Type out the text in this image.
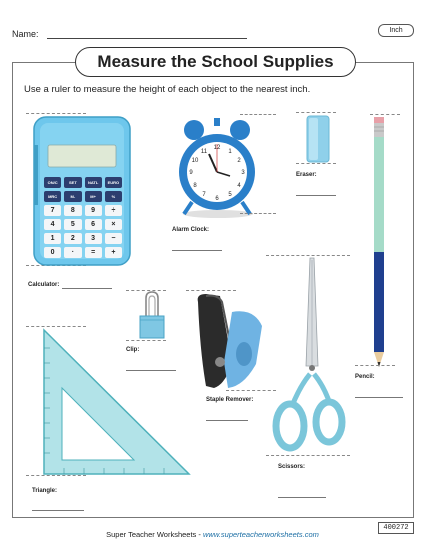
Name:	Inch
Measure the School Supplies
Use a ruler to measure the height of each object to the nearest inch.
ON/C	SET	NATL	EURO
MRC	M-	M+	%
7	8	9	÷
4	5	6	×
1	2	3	−
0	·	=	+
Calculator:
12
3
6
9
1
2
4
5
7
8
10
11
Alarm Clock:
Eraser:
Pencil:
Clip:
Triangle:
Staple Remover:
Scissors:
Super Teacher Worksheets - www.superteacherworksheets.com
400272
